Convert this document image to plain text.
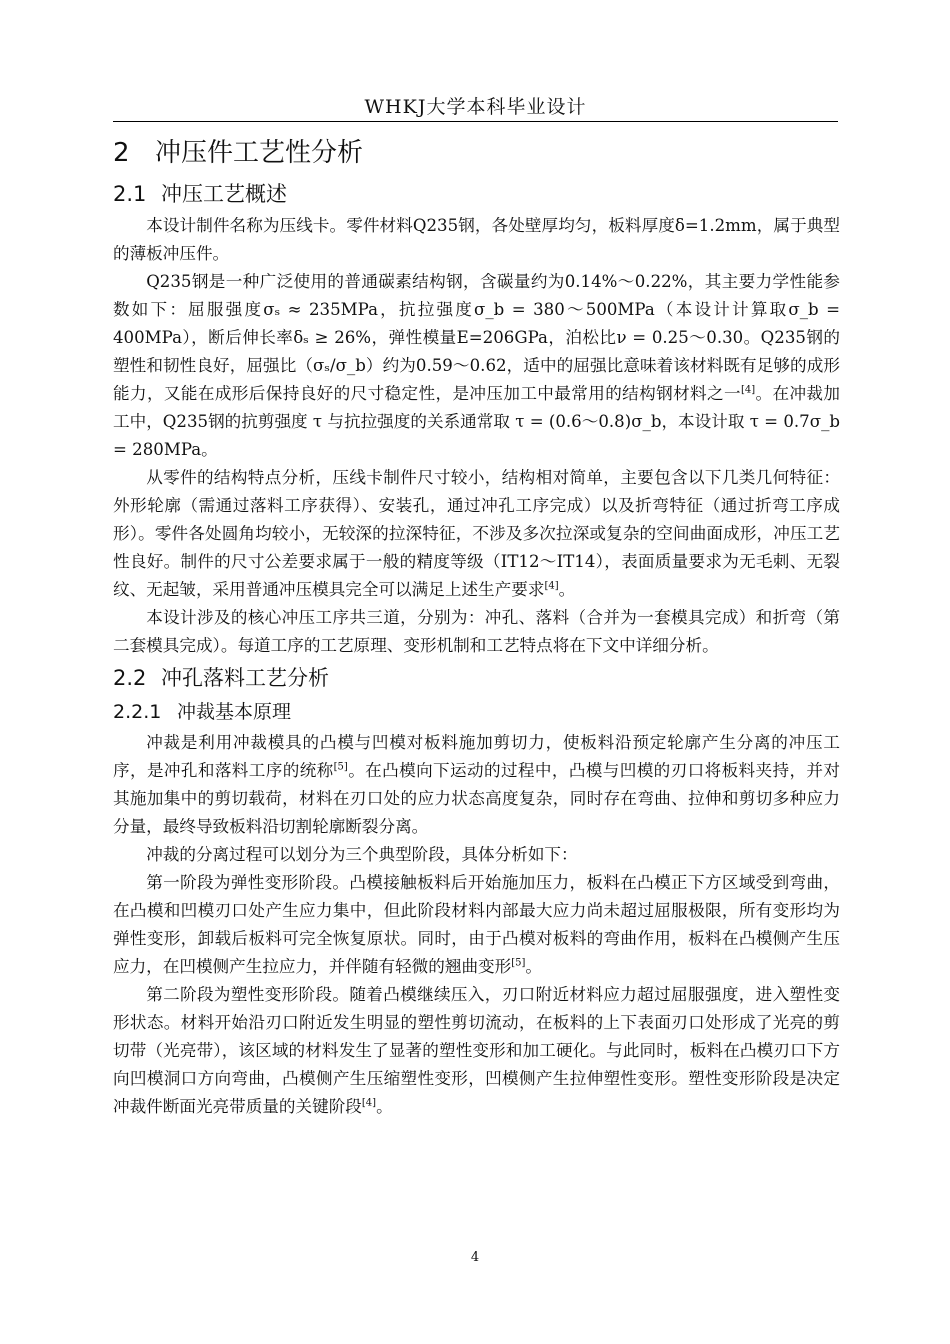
WHKJ大学本科毕业设计
2 冲压件工艺性分析
2.1 冲压工艺概述

本设计制件名称为压线卡。零件材料Q235钢，各处壁厚均匀，板料厚度δ=1.2mm，属于典型的薄板冲压件。

Q235钢是一种广泛使用的普通碳素结构钢，含碳量约为0.14%～0.22%，其主要力学性能参数如下：屈服强度σₛ ≈ 235MPa，抗拉强度σ_b = 380～500MPa（本设计计算取σ_b = 400MPa），断后伸长率δₛ ≥ 26%，弹性模量E=206GPa，泊松比ν = 0.25～0.30。Q235钢的塑性和韧性良好，屈强比（σₛ/σ_b）约为0.59～0.62，适中的屈强比意味着该材料既有足够的成形能力，又能在成形后保持良好的尺寸稳定性，是冲压加工中最常用的结构钢材料之一[4]。在冲裁加工中，Q235钢的抗剪强度 τ 与抗拉强度的关系通常取 τ = (0.6～0.8)σ_b，本设计取 τ = 0.7σ_b = 280MPa。

从零件的结构特点分析，压线卡制件尺寸较小，结构相对简单，主要包含以下几类几何特征：外形轮廓（需通过落料工序获得）、安装孔，通过冲孔工序完成）以及折弯特征（通过折弯工序成形）。零件各处圆角均较小，无较深的拉深特征，不涉及多次拉深或复杂的空间曲面成形，冲压工艺性良好。制件的尺寸公差要求属于一般的精度等级（IT12～IT14），表面质量要求为无毛刺、无裂纹、无起皱，采用普通冲压模具完全可以满足上述生产要求[4]。

本设计涉及的核心冲压工序共三道，分别为：冲孔、落料（合并为一套模具完成）和折弯（第二套模具完成）。每道工序的工艺原理、变形机制和工艺特点将在下文中详细分析。

2.2 冲孔落料工艺分析
2.2.1 冲裁基本原理

冲裁是利用冲裁模具的凸模与凹模对板料施加剪切力，使板料沿预定轮廓产生分离的冲压工序，是冲孔和落料工序的统称[5]。在凸模向下运动的过程中，凸模与凹模的刃口将板料夹持，并对其施加集中的剪切载荷，材料在刃口处的应力状态高度复杂，同时存在弯曲、拉伸和剪切多种应力分量，最终导致板料沿切割轮廓断裂分离。

冲裁的分离过程可以划分为三个典型阶段，具体分析如下：

第一阶段为弹性变形阶段。凸模接触板料后开始施加压力，板料在凸模正下方区域受到弯曲，在凸模和凹模刃口处产生应力集中，但此阶段材料内部最大应力尚未超过屈服极限，所有变形均为弹性变形，卸载后板料可完全恢复原状。同时，由于凸模对板料的弯曲作用，板料在凸模侧产生压应力，在凹模侧产生拉应力，并伴随有轻微的翘曲变形[5]。

第二阶段为塑性变形阶段。随着凸模继续压入，刃口附近材料应力超过屈服强度，进入塑性变形状态。材料开始沿刃口附近发生明显的塑性剪切流动，在板料的上下表面刃口处形成了光亮的剪切带（光亮带），该区域的材料发生了显著的塑性变形和加工硬化。与此同时，板料在凸模刃口下方向凹模洞口方向弯曲，凸模侧产生压缩塑性变形，凹模侧产生拉伸塑性变形。塑性变形阶段是决定冲裁件断面光亮带质量的关键阶段[4]。

4
